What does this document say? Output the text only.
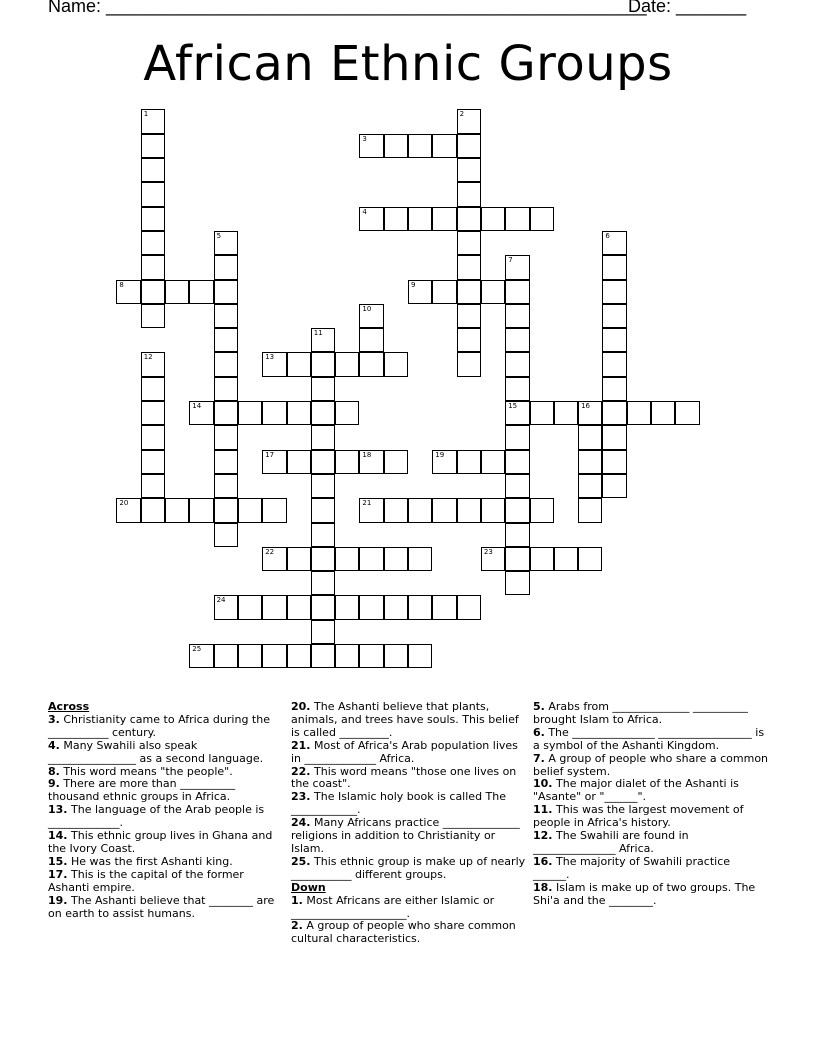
Name: ______________________________________________________
Date: _______
African Ethnic Groups
1	2
3
4
5	6
7
15
8	9
10
11
12	13
14	16
17	18	19
20	21
22	23
24
25
Across
3. Christianity came to Africa during the ___________ century.
4. Many Swahili also speak ________________ as a second language.
8. This word means "the people".
9. There are more than __________ thousand ethnic groups in Africa.
13. The language of the Arab people is _____________.
14. This ethnic group lives in Ghana and the Ivory Coast.
15. He was the first Ashanti king.
17. This is the capital of the former Ashanti empire.
19. The Ashanti believe that ________ are on earth to assist humans.
20. The Ashanti believe that plants, animals, and trees have souls. This belief is called _________.
21. Most of Africa's Arab population lives in _____________ Africa.
22. This word means "those one lives on the coast".
23. The Islamic holy book is called The ____________.
24. Many Africans practice ______________ religions in addition to Christianity or Islam.
25. This ethnic group is make up of nearly ___________ different groups.
Down
1. Most Africans are either Islamic or _____________________.
2. A group of people who share common cultural characteristics.
5. Arabs from ______________ __________ brought Islam to Africa.
6. The _______________ _________________ is a symbol of the Ashanti Kingdom.
7. A group of people who share a common belief system.
10. The major dialet of the Ashanti is "Asante" or "______".
11. This was the largest movement of people in Africa's history.
12. The Swahili are found in _______________ Africa.
16. The majority of Swahili practice ______.
18. Islam is make up of two groups. The Shi'a and the ________.
